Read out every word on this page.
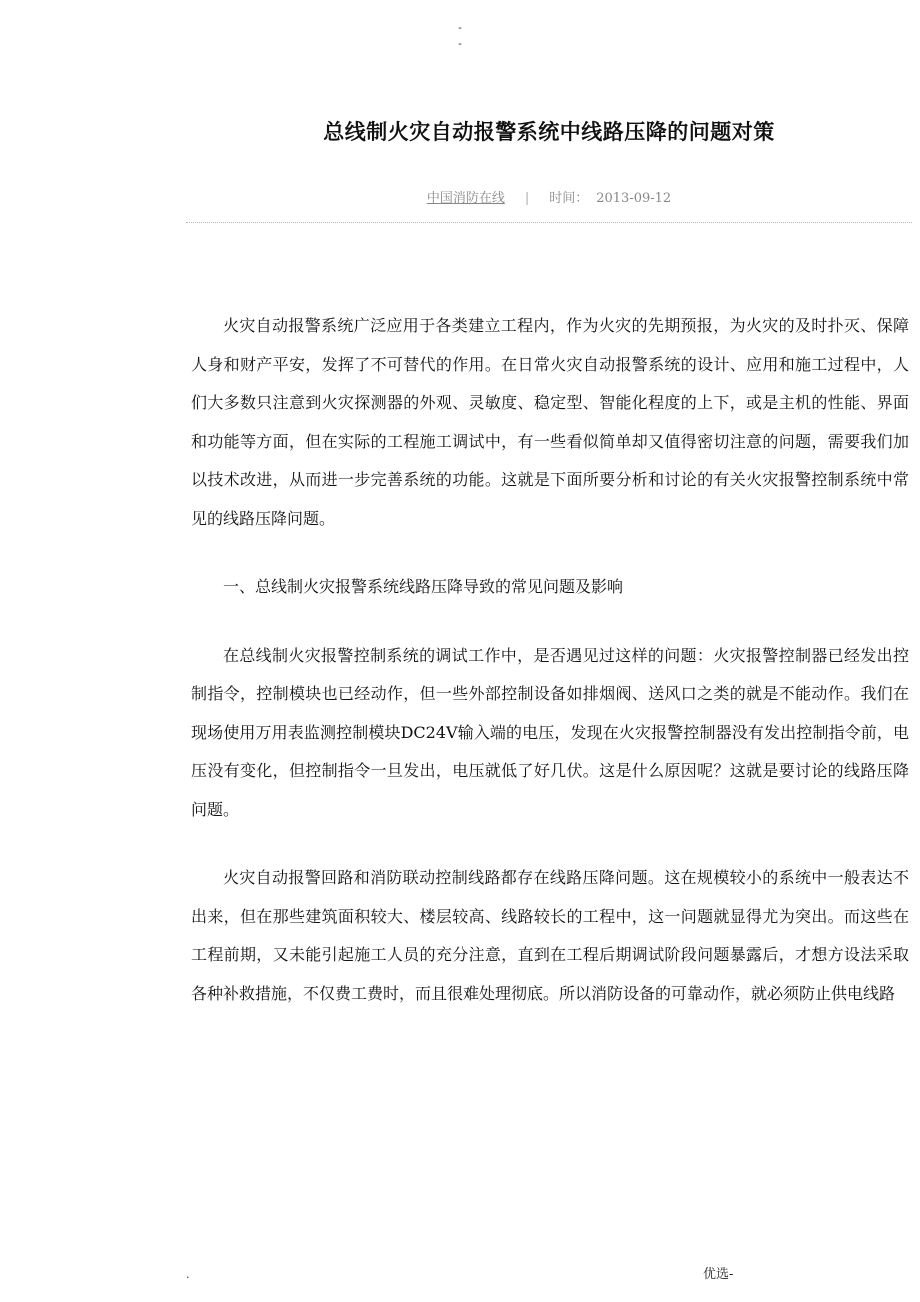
-
-
总线制火灾自动报警系统中线路压降的问题对策
中国消防在线 | 时间： 2013-09-12

火灾自动报警系统广泛应用于各类建立工程内，作为火灾的先期预报，为火灾的及时扑灭、保障人身和财产平安，发挥了不可替代的作用。在日常火灾自动报警系统的设计、应用和施工过程中，人们大多数只注意到火灾探测器的外观、灵敏度、稳定型、智能化程度的上下，或是主机的性能、界面和功能等方面，但在实际的工程施工调试中，有一些看似简单却又值得密切注意的问题，需要我们加以技术改进，从而进一步完善系统的功能。这就是下面所要分析和讨论的有关火灾报警控制系统中常见的线路压降问题。

一、总线制火灾报警系统线路压降导致的常见问题及影响

在总线制火灾报警控制系统的调试工作中，是否遇见过这样的问题：火灾报警控制器已经发出控制指令，控制模块也已经动作，但一些外部控制设备如排烟阀、送风口之类的就是不能动作。我们在现场使用万用表监测控制模块DC24V输入端的电压，发现在火灾报警控制器没有发出控制指令前，电压没有变化，但控制指令一旦发出，电压就低了好几伏。这是什么原因呢？这就是要讨论的线路压降问题。

火灾自动报警回路和消防联动控制线路都存在线路压降问题。这在规模较小的系统中一般表达不出来，但在那些建筑面积较大、楼层较高、线路较长的工程中，这一问题就显得尤为突出。而这些在工程前期，又未能引起施工人员的充分注意，直到在工程后期调试阶段问题暴露后，才想方设法采取各种补救措施，不仅费工费时，而且很难处理彻底。所以消防设备的可靠动作，就必须防止供电线路

.	优选-
